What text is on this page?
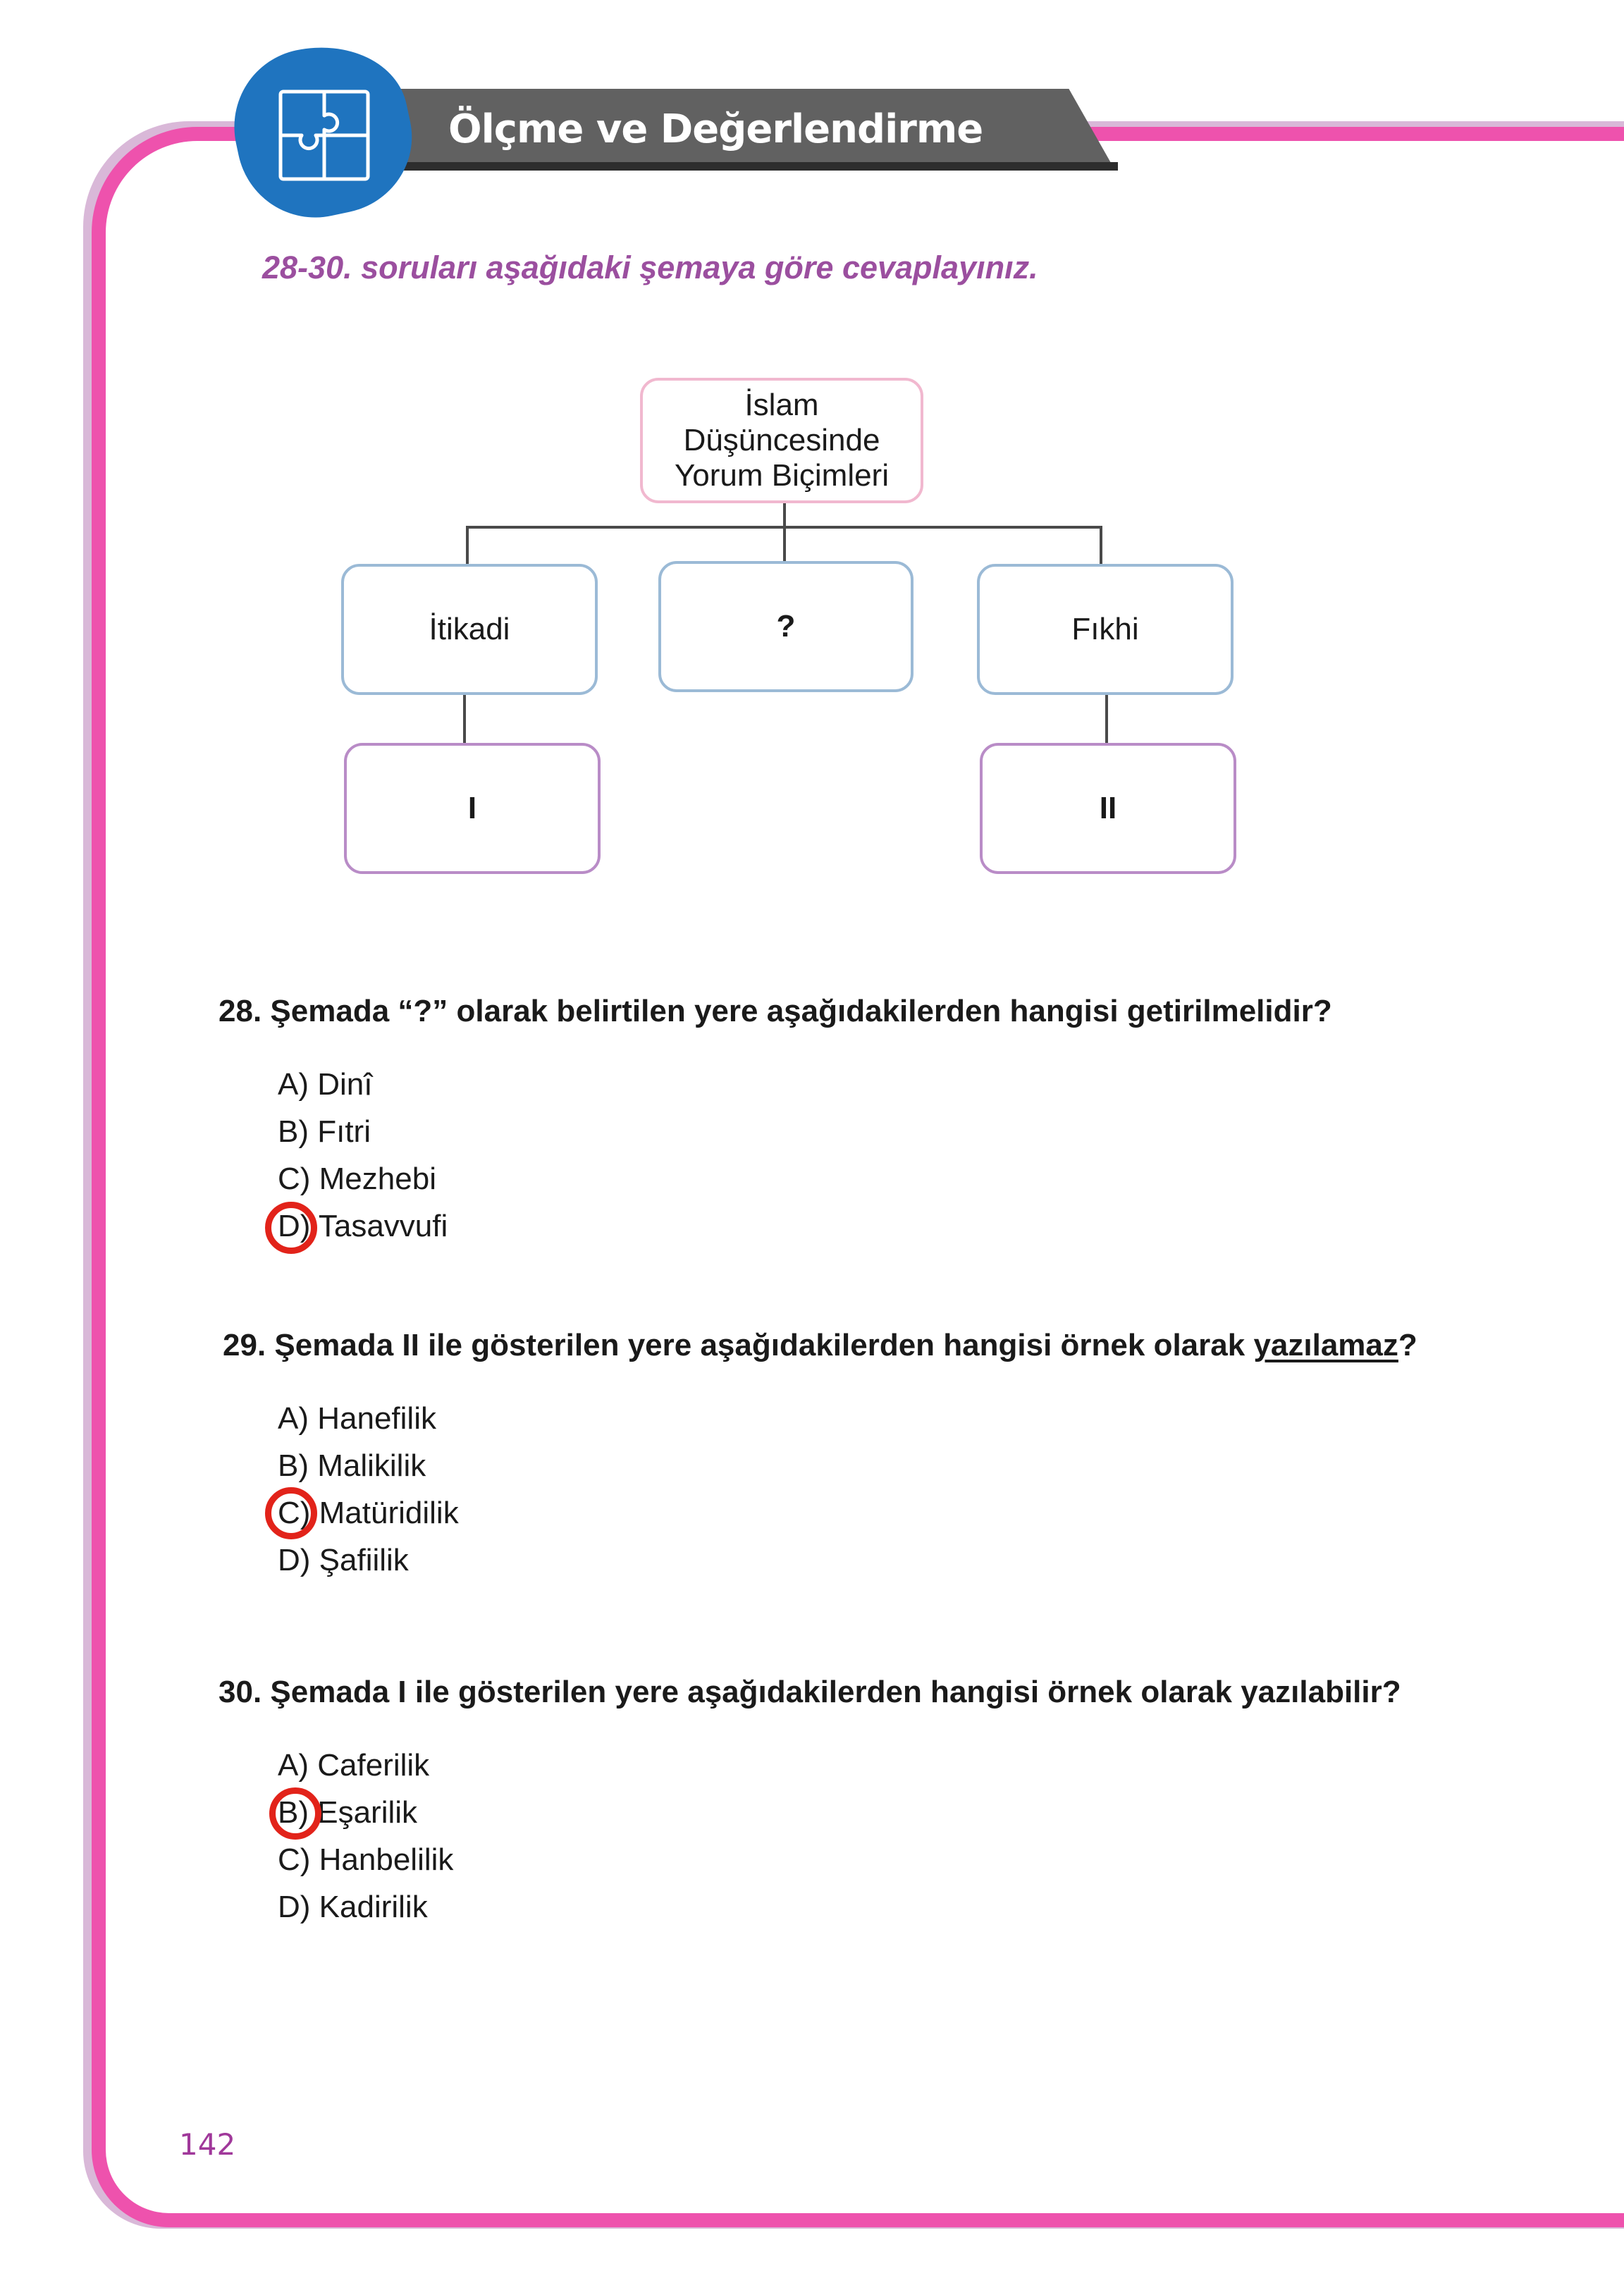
Ölçme ve Değerlendirme
28-30. soruları aşağıdaki şemaya göre cevaplayınız.
İslam Düşüncesinde Yorum Biçimleri
İtikadi	?	Fıkhi
I	II
28. Şemada “?” olarak belirtilen yere aşağıdakilerden hangisi getirilmelidir?
A) Dinî
B) Fıtri
C) Mezhebi
D) Tasavvufi
29. Şemada II ile gösterilen yere aşağıdakilerden hangisi örnek olarak yazılamaz?
A) Hanefilik
B) Malikilik
C) Matüridilik
D) Şafiilik
30. Şemada I ile gösterilen yere aşağıdakilerden hangisi örnek olarak yazılabilir?
A) Caferilik
B) Eşarilik
C) Hanbelilik
D) Kadirilik
142
